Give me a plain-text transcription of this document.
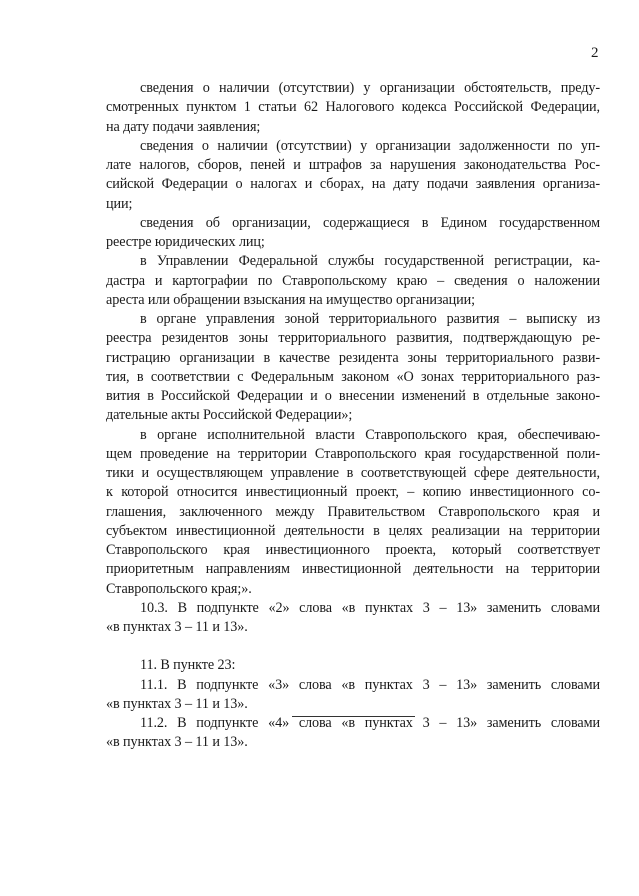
2

сведения о наличии (отсутствии) у организации обстоятельств, преду-
смотренных пунктом 1 статьи 62 Налогового кодекса Российской Федерации,
на дату подачи заявления;

сведения о наличии (отсутствии) у организации задолженности по уп-
лате налогов, сборов, пеней и штрафов за нарушения законодательства Рос-
сийской Федерации о налогах и сборах, на дату подачи заявления организа-
ции;

сведения об организации, содержащиеся в Едином государственном
реестре юридических лиц;

в Управлении Федеральной службы государственной регистрации, ка-
дастра и картографии по Ставропольскому краю – сведения о наложении
ареста или обращении взыскания на имущество организации;

в органе управления зоной территориального развития – выписку из
реестра резидентов зоны территориального развития, подтверждающую ре-
гистрацию организации в качестве резидента зоны территориального разви-
тия, в соответствии с Федеральным законом «О зонах территориального раз-
вития в Российской Федерации и о внесении изменений в отдельные законо-
дательные акты Российской Федерации»;

в органе исполнительной власти Ставропольского края, обеспечиваю-
щем проведение на территории Ставропольского края государственной поли-
тики и осуществляющем управление в соответствующей сфере деятельности,
к которой относится инвестиционный проект, – копию инвестиционного со-
глашения, заключенного между Правительством Ставропольского края и
субъектом инвестиционной деятельности в целях реализации на территории
Ставропольского края инвестиционного проекта, который соответствует
приоритетным направлениям инвестиционной деятельности на территории
Ставропольского края;».

10.3. В подпункте «2» слова «в пунктах 3 – 13» заменить словами
«в пунктах 3 – 11 и 13».

11. В пункте 23:

11.1. В подпункте «3» слова «в пунктах 3 – 13» заменить словами
«в пунктах 3 – 11 и 13».

11.2. В подпункте «4» слова «в пунктах 3 – 13» заменить словами
«в пунктах 3 – 11 и 13».
